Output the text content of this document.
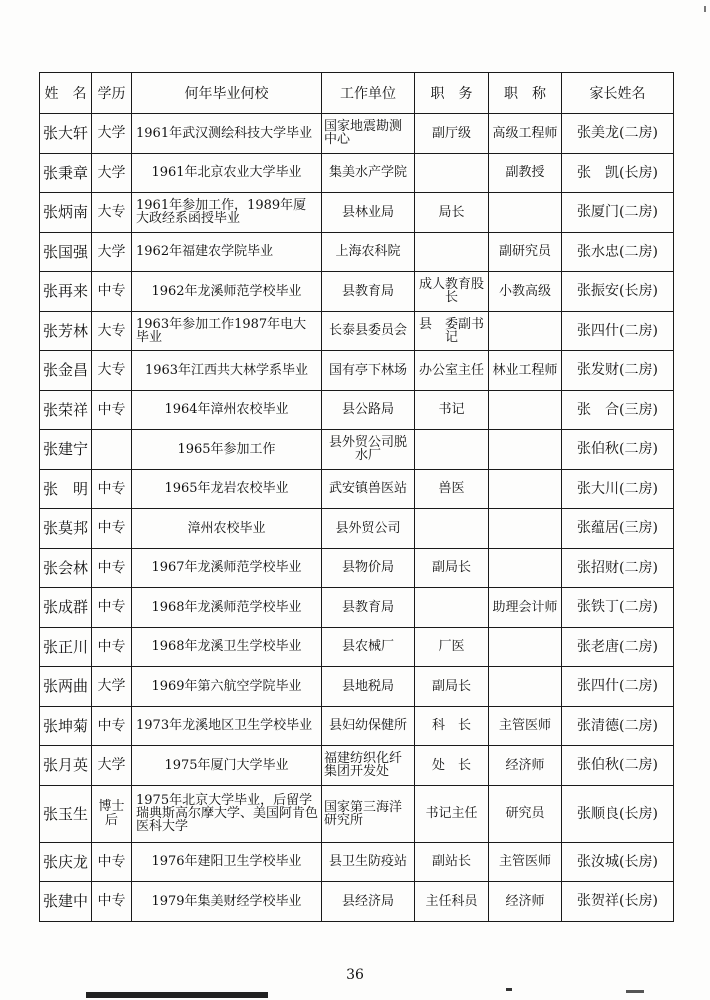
姓　名	学历	何年毕业何校	工作单位	职　务	职　称	家长姓名
张大轩	大学	1961年武汉测绘科技大学毕业	国家地震勘测中心	副厅级	高级工程师	张美龙(二房)
张秉章	大学	1961年北京农业大学毕业	集美水产学院		副教授	张　凯(长房)
张炳南	大专	1961年参加工作，1989年厦大政经系函授毕业	县林业局	局长		张厦门(二房)
张国强	大学	1962年福建农学院毕业	上海农科院		副研究员	张水忠(二房)
张再来	中专	1962年龙溪师范学校毕业	县教育局	成人教育股长	小教高级	张振安(长房)
张芳林	大专	1963年参加工作1987年电大毕业	长泰县委员会	县　委副书记		张四什(二房)
张金昌	大专	1963年江西共大林学系毕业	国有亭下林场	办公室主任	林业工程师	张发财(二房)
张荣祥	中专	1964年漳州农校毕业	县公路局	书记		张　合(三房)
张建宁		1965年参加工作	县外贸公司脱水厂			张伯秋(二房)
张　明	中专	1965年龙岩农校毕业	武安镇兽医站	兽医		张大川(二房)
张莫邦	中专	漳州农校毕业	县外贸公司			张蕴居(三房)
张会林	中专	1967年龙溪师范学校毕业	县物价局	副局长		张招财(二房)
张成群	中专	1968年龙溪师范学校毕业	县教育局		助理会计师	张铁丁(二房)
张正川	中专	1968年龙溪卫生学校毕业	县农械厂	厂医		张老唐(二房)
张两曲	大学	1969年第六航空学院毕业	县地税局	副局长		张四什(二房)
张坤菊	中专	1973年龙溪地区卫生学校毕业	县妇幼保健所	科　长	主管医师	张清德(二房)
张月英	大学	1975年厦门大学毕业	福建纺织化纤集团开发处	处　长	经济师	张伯秋(二房)
张玉生	博士后	1975年北京大学毕业，后留学瑞典斯高尔摩大学、美国阿肯色医科大学	国家第三海洋研究所	书记主任	研究员	张顺良(长房)
张庆龙	中专	1976年建阳卫生学校毕业	县卫生防疫站	副站长	主管医师	张汝城(长房)
张建中	中专	1979年集美财经学校毕业	县经济局	主任科员	经济师	张贺祥(长房)
36
